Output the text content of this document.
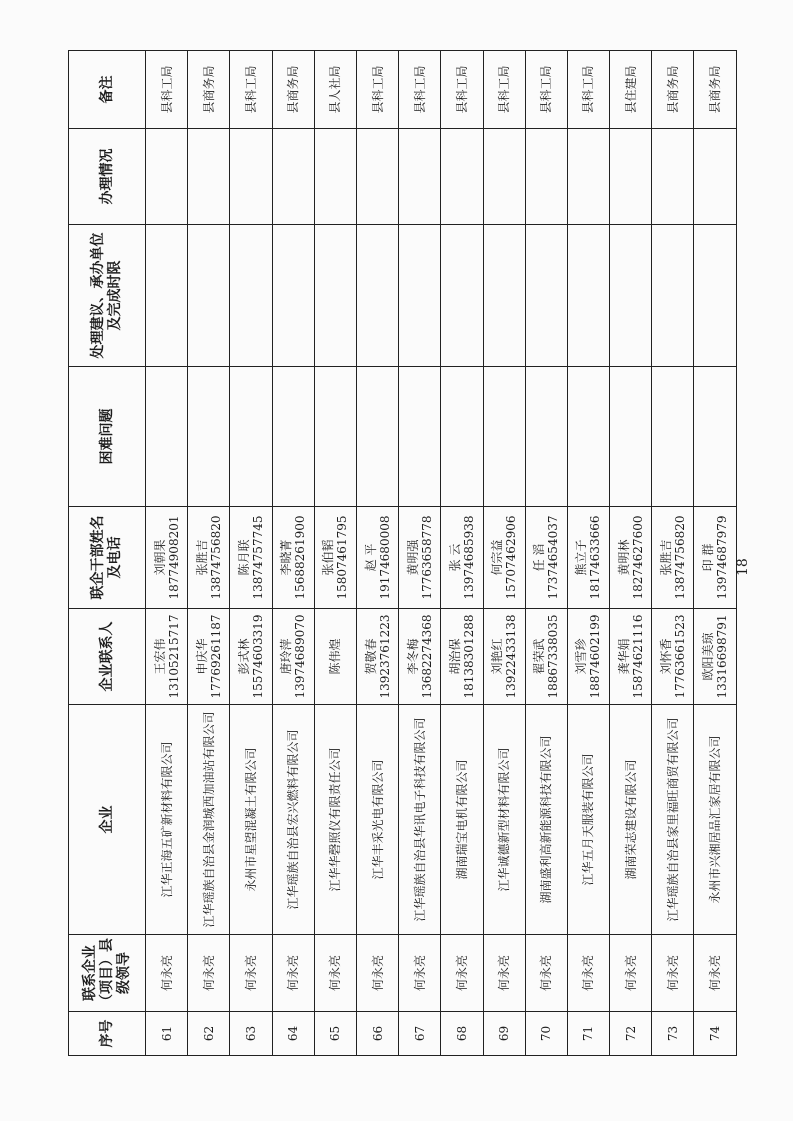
序号	联系企业（项目）县级领导	企业	企业联系人	联企干部姓名及电话	困难问题	处理建议、承办单位及完成时限	办理情况	备注
61	何永亮	江华正海五矿新材料有限公司	王宏伟 13105215717	刘朝果 18774908201				县科工局
62	何永亮	江华瑶族自治县金润城西加油站有限公司	申庆华 17769261187	张胜吉 13874756820				县商务局
63	何永亮	永州市星望混凝土有限公司	彭式林 15574603319	陈月联 13874757745				县科工局
64	何永亮	江华瑶族自治县宏兴燃料有限公司	唐玲萍 13974689070	李晓菁 15688261900				县商务局
65	何永亮	江华华磬照仪有限责任公司	陈伟煌	张伯韬 15807461795				县人社局
66	何永亮	江华丰采光电有限公司	贺敬春 13923761223	赵 平 19174680008				县科工局
67	何永亮	江华瑶族自治县华讯电子科技有限公司	李冬梅 13682274368	黄明强 17763658778				县科工局
68	何永亮	湖南瑞宝电机有限公司	胡治保 18138301288	张 云 13974685938				县科工局
69	何永亮	江华诚德新型材料有限公司	刘艳红 13922433138	何宗益 15707462906				县科工局
70	何永亮	湖南盛利高新能源科技有限公司	翟荣武 18867338035	任 滔 17374654037				县科工局
71	何永亮	江华五月天服装有限公司	刘雪珍 18874602199	熊立子 18174633666				县科工局
72	何永亮	湖南荣志建设有限公司	龚华娟 15874621116	黄明林 18274627600				县住建局
73	何永亮	江华瑶族自治县家里福旺商贸有限公司	刘怀香 17763661523	张胜吉 13874756820				县商务局
74	何永亮	永州市兴湘居品汇家居有限公司	欧阳美琼 13316698791	印 群 13974687979				县商务局
18
